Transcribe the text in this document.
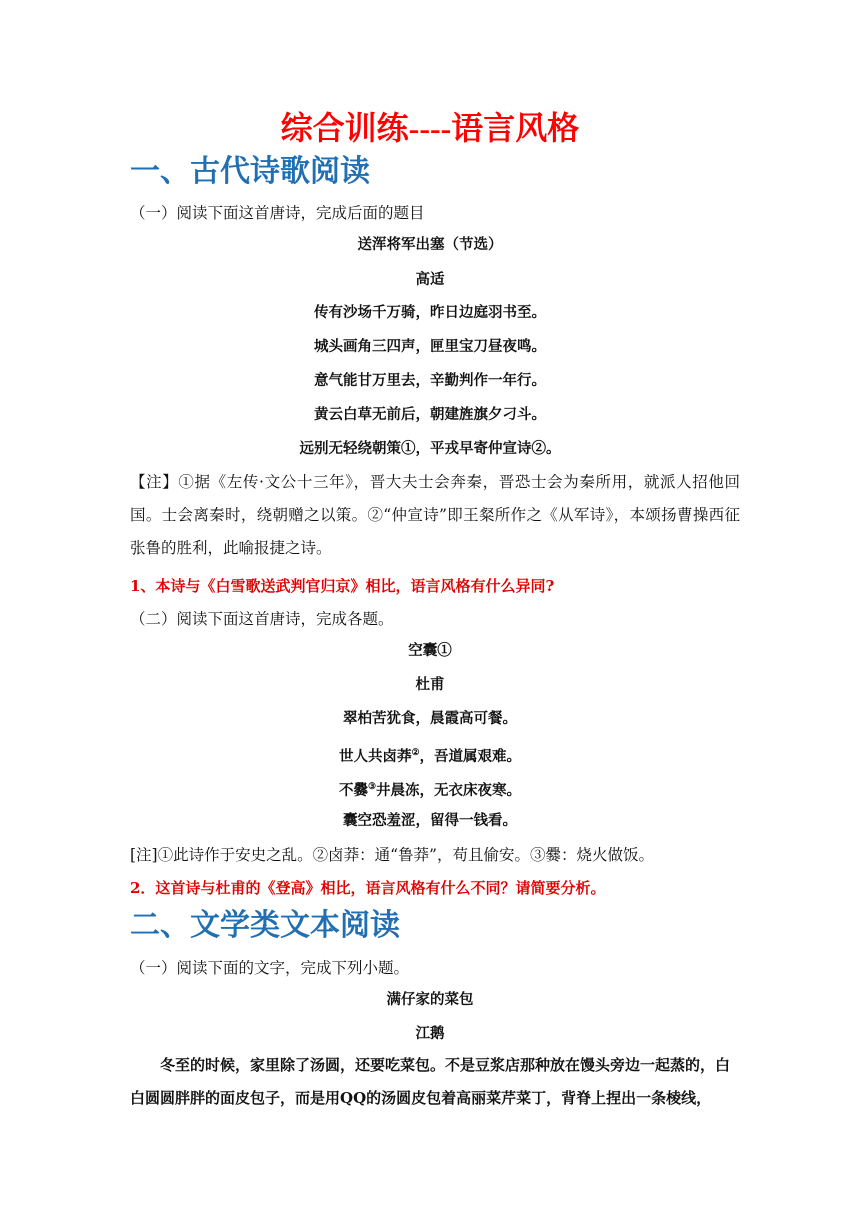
综合训练----语言风格
一、古代诗歌阅读
（一）阅读下面这首唐诗，完成后面的题目
送浑将军出塞（节选）
高适
传有沙场千万骑，昨日边庭羽书至。
城头画角三四声，匣里宝刀昼夜鸣。
意气能甘万里去，辛勤判作一年行。
黄云白草无前后，朝建旌旗夕刁斗。
远别无轻绕朝策①，平戎早寄仲宣诗②。
【注】①据《左传·文公十三年》，晋大夫士会奔秦，晋恐士会为秦所用，就派人招他回国。士会离秦时，绕朝赠之以策。②“仲宣诗”即王粲所作之《从军诗》，本颂扬曹操西征张鲁的胜利，此喻报捷之诗。
1、本诗与《白雪歌送武判官归京》相比，语言风格有什么异同?
（二）阅读下面这首唐诗，完成各题。
空囊①
杜甫
翠柏苦犹食，晨霞高可餐。
世人共卤莽②，吾道属艰难。
不爨③井晨冻，无衣床夜寒。
囊空恐羞涩，留得一钱看。
[注]①此诗作于安史之乱。②卤莽：通“鲁莽”，苟且偷安。③爨：烧火做饭。
2．这首诗与杜甫的《登高》相比，语言风格有什么不同？请简要分析。
二、文学类文本阅读
（一）阅读下面的文字，完成下列小题。
满仔家的菜包
江鹅
冬至的时候，家里除了汤圆，还要吃菜包。不是豆浆店那种放在馒头旁边一起蒸的，白白圆圆胖胖的面皮包子，而是用QQ的汤圆皮包着高丽菜芹菜丁，背脊上捏出一条棱线，
